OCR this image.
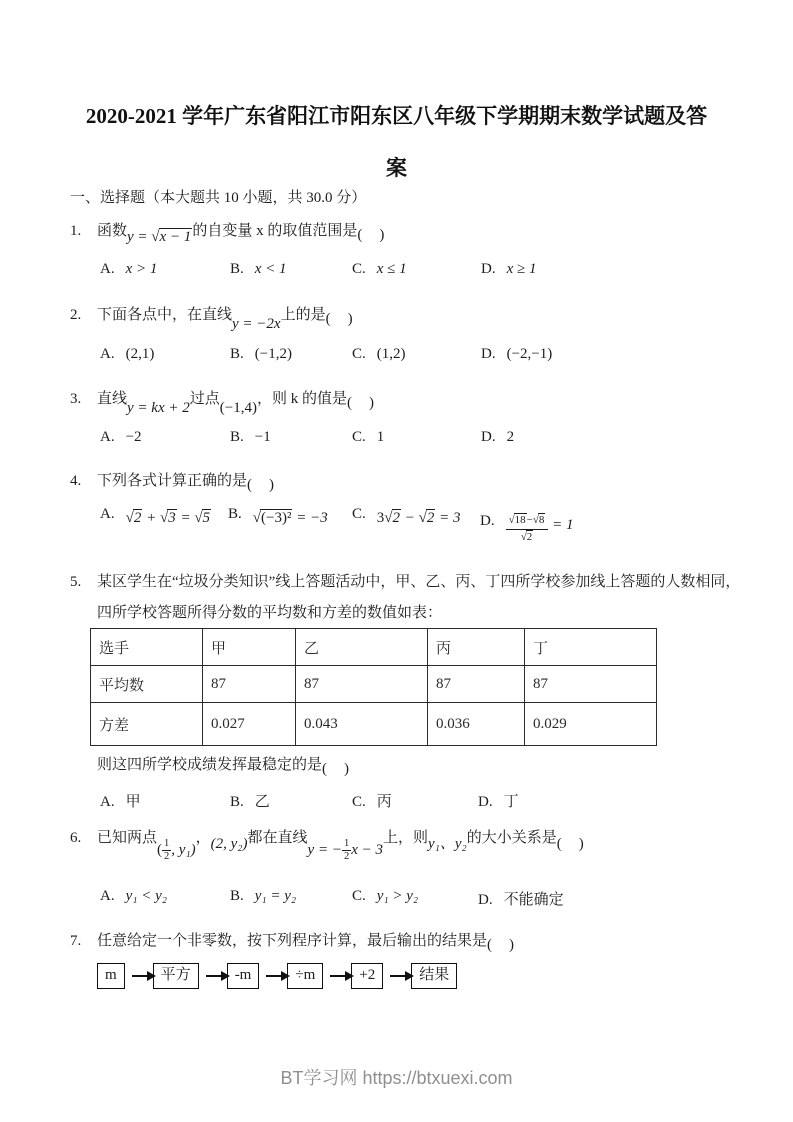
2020-2021 学年广东省阳江市阳东区八年级下学期期末数学试题及答
案
一、选择题（本大题共 10 小题，共 30.0 分）
1. 函数y = √x − 1的自变量 x 的取值范围是(　)
A. x > 1	B. x < 1	C. x ≤ 1	D. x ≥ 1
2. 下面各点中，在直线y = −2x上的是(　)
A. (2,1)	B. (−1,2)	C. (1,2)	D. (−2,−1)
3. 直线y = kx + 2过点(−1,4)，则 k 的值是(　)
A. −2	B. −1	C. 1	D. 2
4. 下列各式计算正确的是(　)
A. √2 + √3 = √5 B. √(−3)² = −3 C. 3√2 − √2 = 3 D. $\frac{√18-√8}{√2} = 1$
5. 某区学生在“垃圾分类知识”线上答题活动中，甲、乙、丙、丁四所学校参加线上答题的人数相同，
四所学校答题所得分数的平均数和方差的数值如表：
选手	甲	乙	丙	丁
平均数	87	87	87	87
方差	0.027	0.043	0.036	0.029
则这四所学校成绩发挥最稳定的是(　)
A. 甲	B. 乙	C. 丙	D. 丁
6. 已知两点( $\frac{1}{2}$ , y₁)，(2, y₂)都在直线y = − $\frac{1}{2}$ x − 3上，则y₁、y₂的大小关系是(　)
A. y₁ < y₂	B. y₁ = y₂	C. y₁ > y₂	D. 不能确定
7. 任意给定一个非零数，按下列程序计算，最后输出的结果是(　)
m	平方	-m	÷m	+2	结果
BT学习网 https://btxuexi.com
